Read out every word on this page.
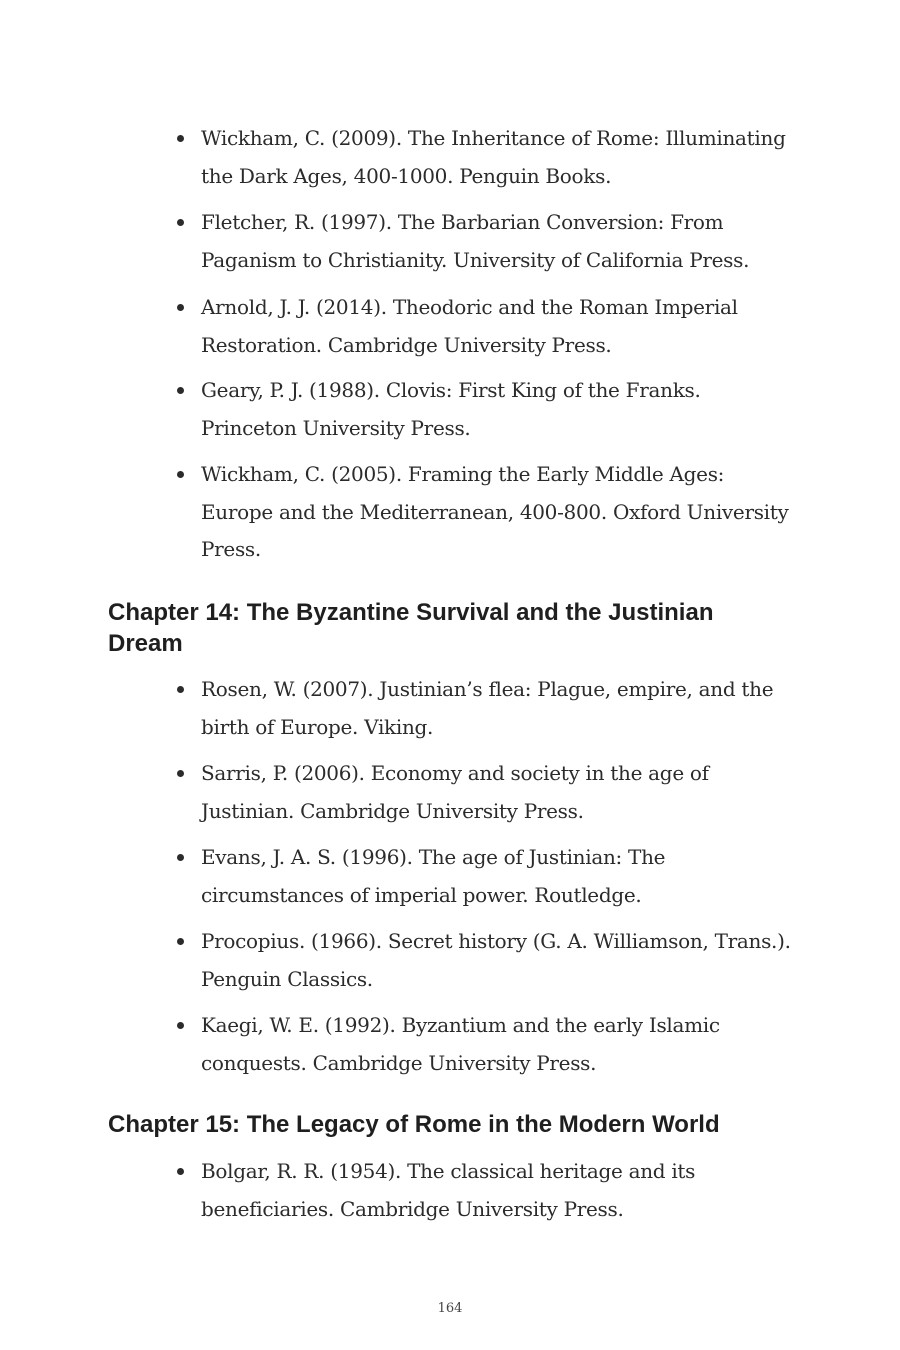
Wickham, C. (2009). The Inheritance of Rome: Illuminating the Dark Ages, 400-1000. Penguin Books.
Fletcher, R. (1997). The Barbarian Conversion: From Paganism to Christianity. University of California Press.
Arnold, J. J. (2014). Theodoric and the Roman Imperial Restoration. Cambridge University Press.
Geary, P. J. (1988). Clovis: First King of the Franks. Princeton University Press.
Wickham, C. (2005). Framing the Early Middle Ages: Europe and the Mediterranean, 400-800. Oxford University Press.
Chapter 14: The Byzantine Survival and the Justinian Dream
Rosen, W. (2007). Justinian’s flea: Plague, empire, and the birth of Europe. Viking.
Sarris, P. (2006). Economy and society in the age of Justinian. Cambridge University Press.
Evans, J. A. S. (1996). The age of Justinian: The circumstances of imperial power. Routledge.
Procopius. (1966). Secret history (G. A. Williamson, Trans.). Penguin Classics.
Kaegi, W. E. (1992). Byzantium and the early Islamic conquests. Cambridge University Press.
Chapter 15: The Legacy of Rome in the Modern World
Bolgar, R. R. (1954). The classical heritage and its beneficiaries. Cambridge University Press.
164
